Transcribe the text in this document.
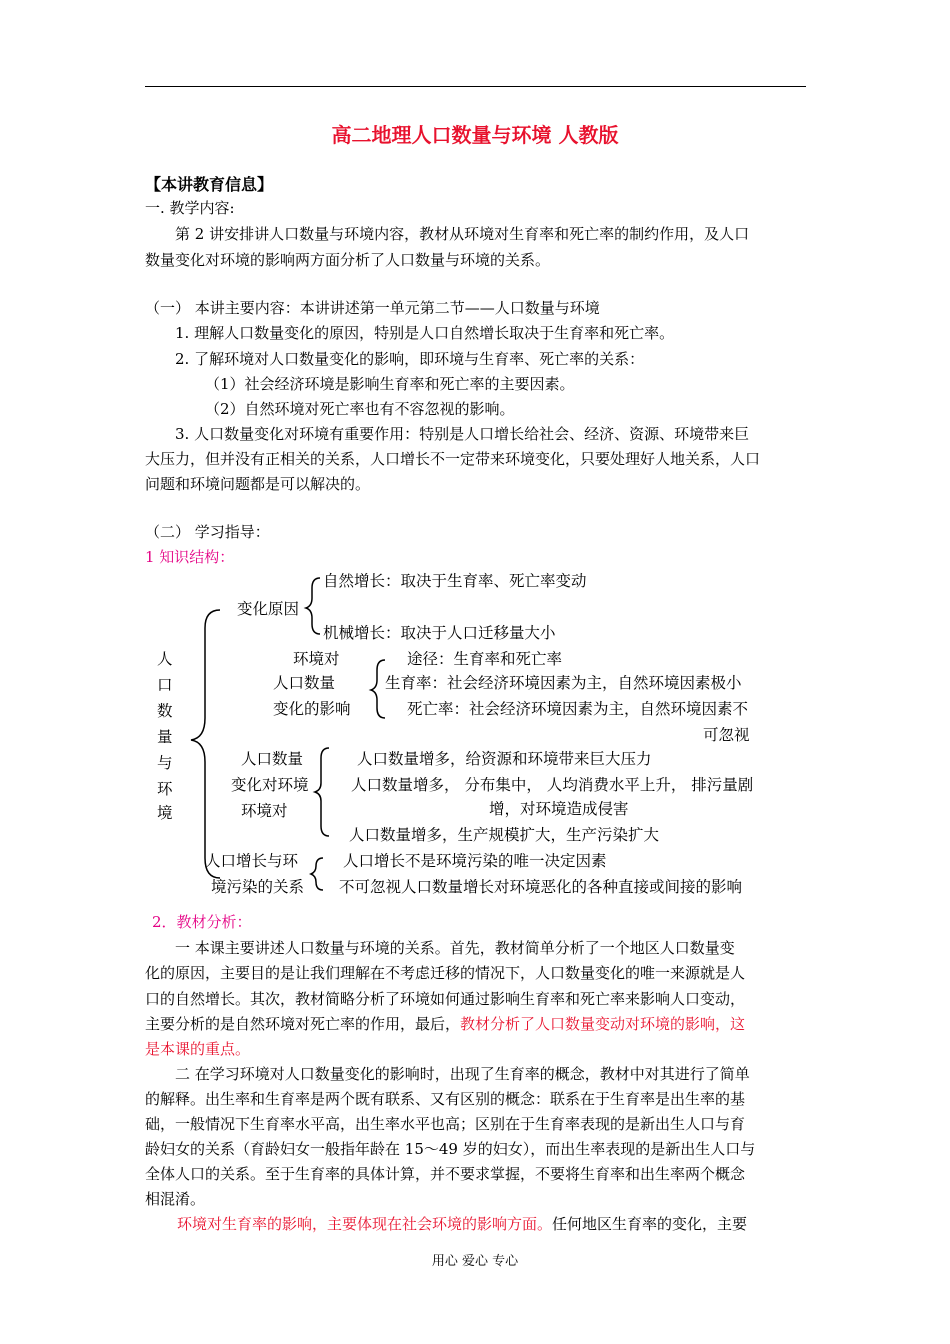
高二地理人口数量与环境 人教版
【本讲教育信息】
一. 教学内容:
第 2 讲安排讲人口数量与环境内容，教材从环境对生育率和死亡率的制约作用，及人口
数量变化对环境的影响两方面分析了人口数量与环境的关系。
（一） 本讲主要内容：本讲讲述第一单元第二节——人口数量与环境
1. 理解人口数量变化的原因，特别是人口自然增长取决于生育率和死亡率。
2. 了解环境对人口数量变化的影响，即环境与生育率、死亡率的关系：
（1）社会经济环境是影响生育率和死亡率的主要因素。
（2）自然环境对死亡率也有不容忽视的影响。
3. 人口数量变化对环境有重要作用：特别是人口增长给社会、经济、资源、环境带来巨
大压力，但并没有正相关的关系，人口增长不一定带来环境变化，只要处理好人地关系，人口
问题和环境问题都是可以解决的。
（二） 学习指导：
1 知识结构：
人
口
数
量
与
环
境
变化原因
自然增长：取决于生育率、死亡率变动
机械增长：取决于人口迁移量大小
环境对
人口数量
变化的影响
途径：生育率和死亡率
生育率：社会经济环境因素为主，自然环境因素极小
死亡率：社会经济环境因素为主，自然环境因素不
可忽视
人口数量
变化对环境
环境对
人口数量增多，给资源和环境带来巨大压力
人口数量增多， 分布集中， 人均消费水平上升， 排污量剧
增，对环境造成侵害
人口数量增多，生产规模扩大，生产污染扩大
人口增长与环
境污染的关系
人口增长不是环境污染的唯一决定因素
不可忽视人口数量增长对环境恶化的各种直接或间接的影响
2．教材分析：
一 本课主要讲述人口数量与环境的关系。首先，教材简单分析了一个地区人口数量变
化的原因，主要目的是让我们理解在不考虑迁移的情况下，人口数量变化的唯一来源就是人
口的自然增长。其次，教材简略分析了环境如何通过影响生育率和死亡率来影响人口变动，
主要分析的是自然环境对死亡率的作用，最后，教材分析了人口数量变动对环境的影响，这
是本课的重点。
二 在学习环境对人口数量变化的影响时，出现了生育率的概念，教材中对其进行了简单
的解释。出生率和生育率是两个既有联系、又有区别的概念：联系在于生育率是出生率的基
础，一般情况下生育率水平高，出生率水平也高；区别在于生育率表现的是新出生人口与育
龄妇女的关系（育龄妇女一般指年龄在 15～49 岁的妇女），而出生率表现的是新出生人口与
全体人口的关系。至于生育率的具体计算，并不要求掌握，不要将生育率和出生率两个概念
相混淆。
环境对生育率的影响，主要体现在社会环境的影响方面。任何地区生育率的变化，主要
用心 爱心 专心
